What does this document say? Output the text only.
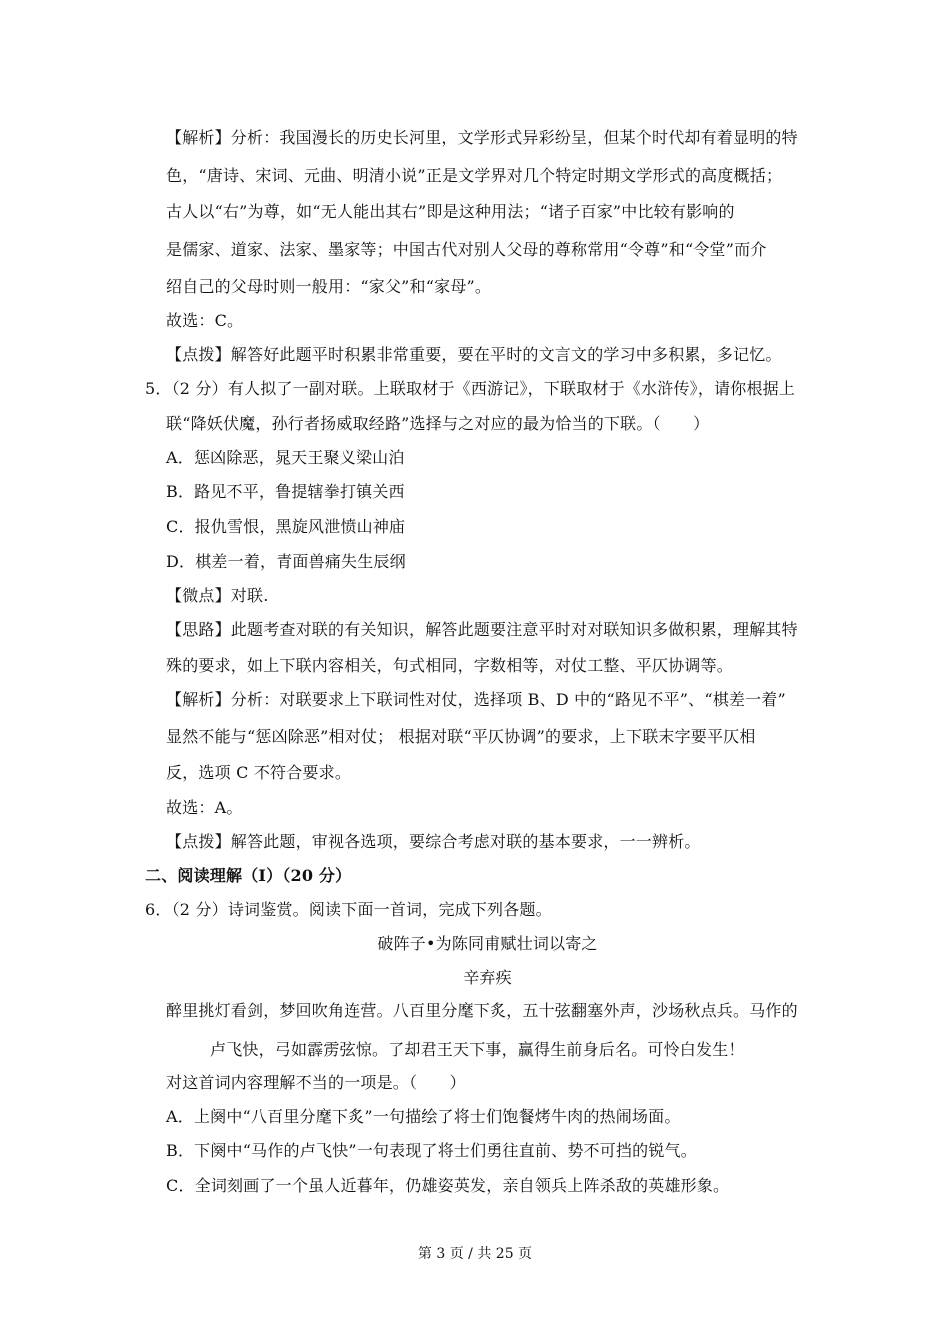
【解析】分析：我国漫长的历史长河里，文学形式异彩纷呈，但某个时代却有着显明的特
色，“唐诗、宋词、元曲、明清小说”正是文学界对几个特定时期文学形式的高度概括；
古人以“右”为尊，如“无人能出其右”即是这种用法；“诸子百家”中比较有影响的
是儒家、道家、法家、墨家等；中国古代对别人父母的尊称常用“令尊”和“令堂”而介
绍自己的父母时则一般用：“家父”和“家母”。
故选：C。
【点拨】解答好此题平时积累非常重要，要在平时的文言文的学习中多积累，多记忆。
5．（2 分）有人拟了一副对联。上联取材于《西游记》，下联取材于《水浒传》，请你根据上
联“降妖伏魔，孙行者扬威取经路”选择与之对应的最为恰当的下联。（　　）
A．惩凶除恶，晁天王聚义梁山泊
B．路见不平，鲁提辖拳打镇关西
C．报仇雪恨，黑旋风泄愤山神庙
D．棋差一着，青面兽痛失生辰纲
【微点】对联.
【思路】此题考查对联的有关知识，解答此题要注意平时对对联知识多做积累，理解其特
殊的要求，如上下联内容相关，句式相同，字数相等，对仗工整、平仄协调等。
【解析】分析：对联要求上下联词性对仗，选择项 B、D 中的“路见不平”、“棋差一着”
显然不能与“惩凶除恶”相对仗； 根据对联“平仄协调”的要求，上下联末字要平仄相
反，选项 C 不符合要求。
故选：A。
【点拨】解答此题，审视各选项，要综合考虑对联的基本要求，一一辨析。
二、阅读理解（Ⅰ）（20 分）
6．（2 分）诗词鉴赏。阅读下面一首词，完成下列各题。
破阵子•为陈同甫赋壮词以寄之
辛弃疾
醉里挑灯看剑，梦回吹角连营。八百里分麾下炙，五十弦翻塞外声，沙场秋点兵。马作的
卢飞快，弓如霹雳弦惊。了却君王天下事，赢得生前身后名。可怜白发生！
对这首词内容理解不当的一项是。（　　）
A．上阕中“八百里分麾下炙”一句描绘了将士们饱餐烤牛肉的热闹场面。
B．下阕中“马作的卢飞快”一句表现了将士们勇往直前、势不可挡的锐气。
C．全词刻画了一个虽人近暮年，仍雄姿英发，亲自领兵上阵杀敌的英雄形象。
第 3 页 / 共 25 页
